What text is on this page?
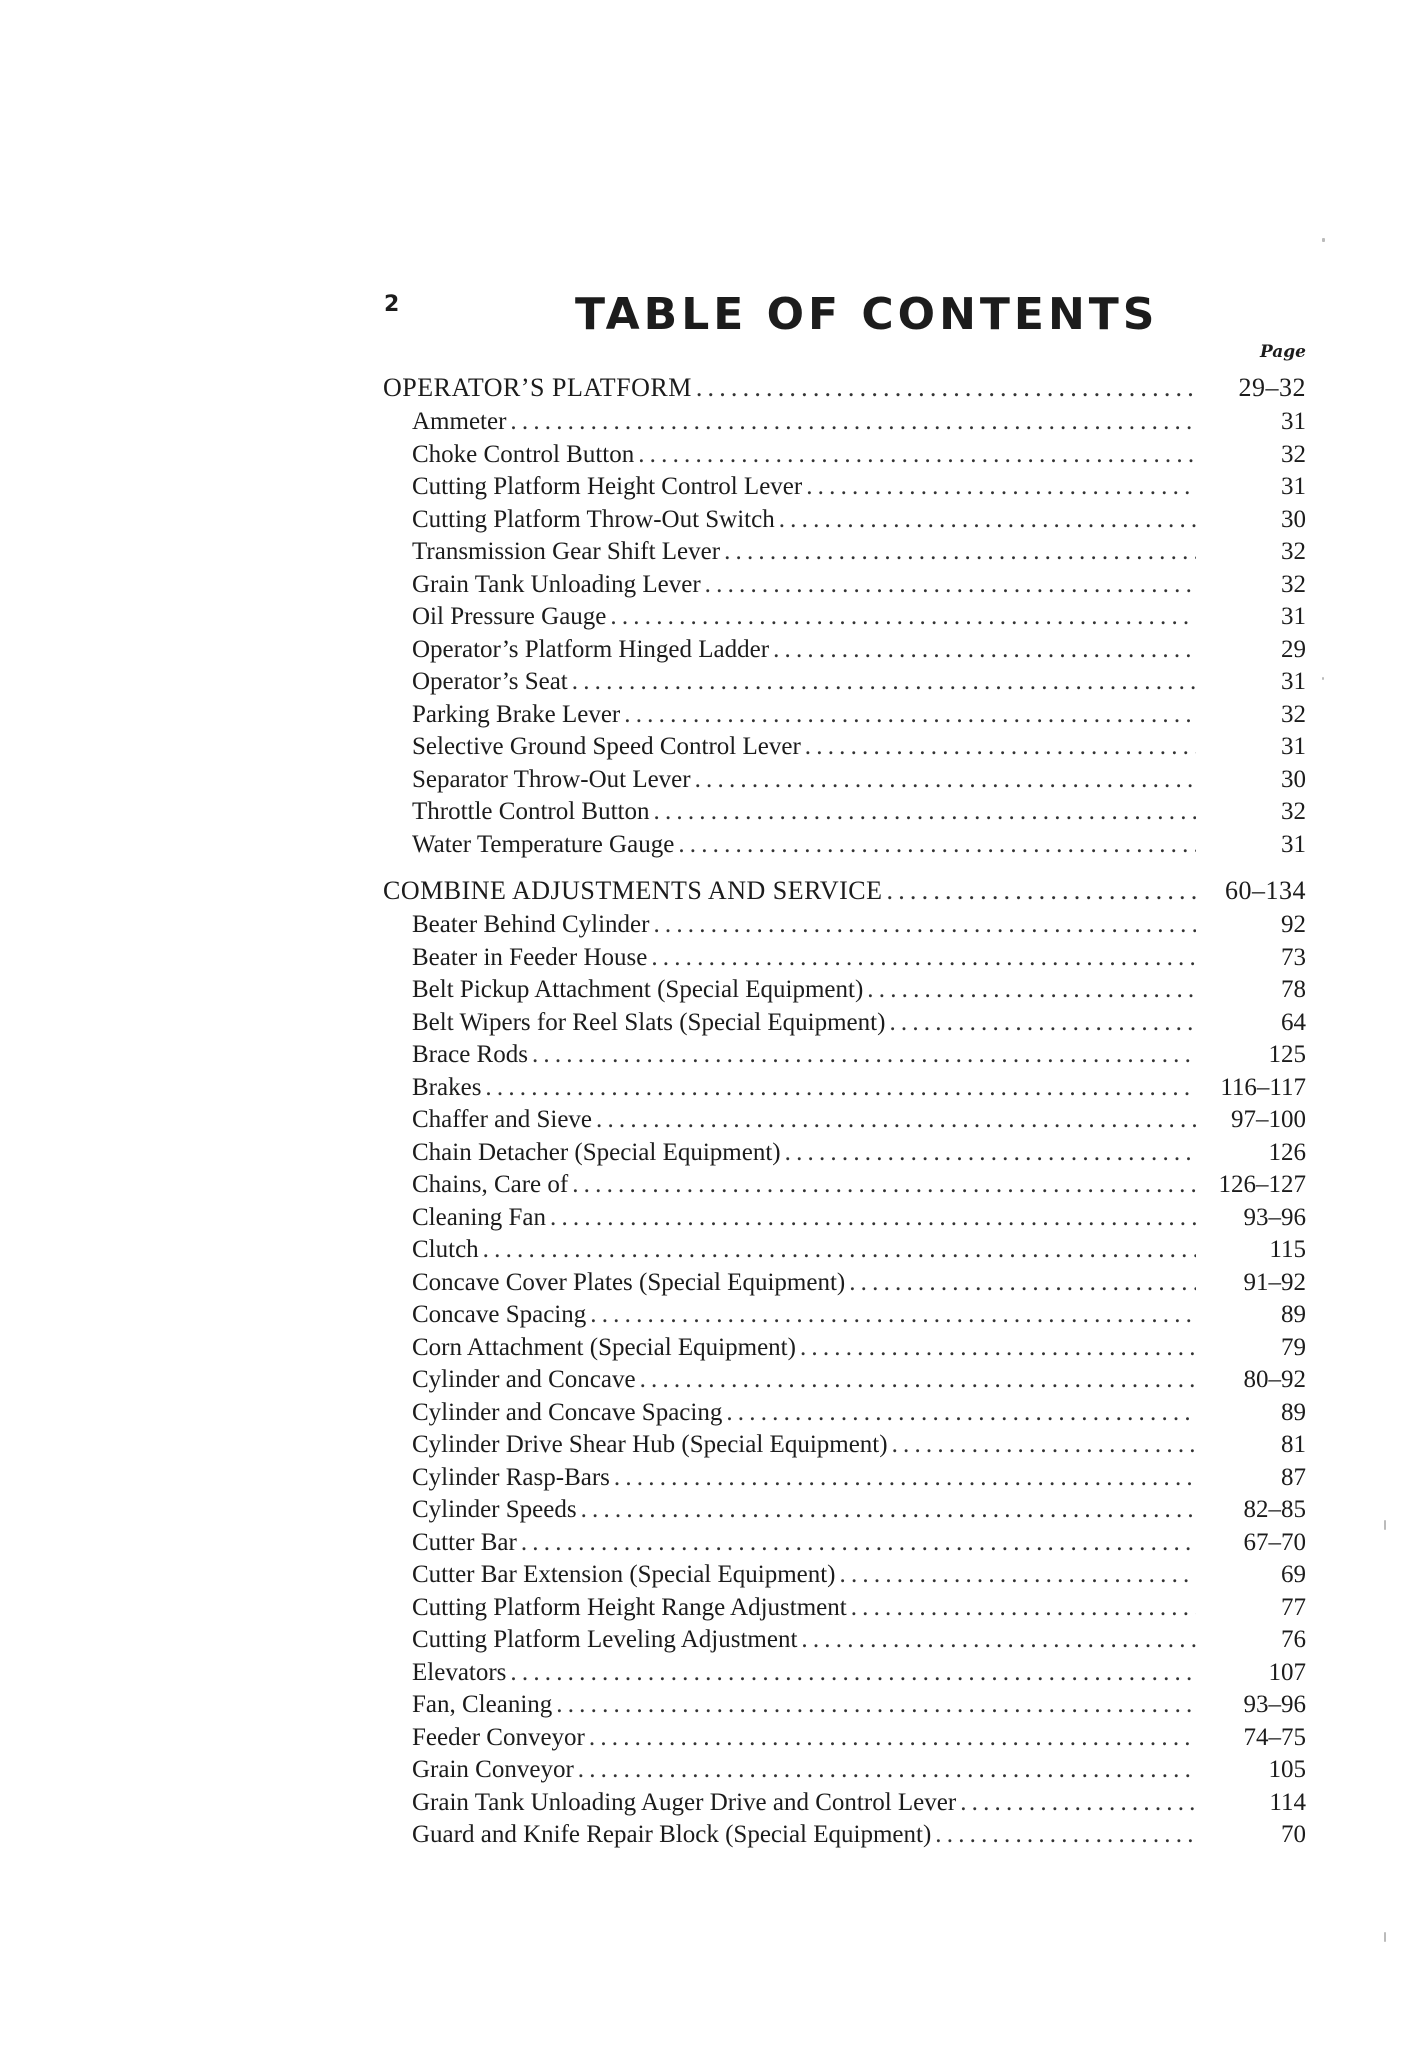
2	TABLE OF CONTENTS
Page
OPERATOR’S PLATFORM .....	29–32
Ammeter .....	31
Choke Control Button .....	32
Cutting Platform Height Control Lever .....	31
Cutting Platform Throw-Out Switch .....	30
Transmission Gear Shift Lever .....	32
Grain Tank Unloading Lever .....	32
Oil Pressure Gauge .....	31
Operator’s Platform Hinged Ladder .....	29
Operator’s Seat .....	31
Parking Brake Lever .....	32
Selective Ground Speed Control Lever .....	31
Separator Throw-Out Lever .....	30
Throttle Control Button .....	32
Water Temperature Gauge .....	31
COMBINE ADJUSTMENTS AND SERVICE .....	60–134
Beater Behind Cylinder .....	92
Beater in Feeder House .....	73
Belt Pickup Attachment (Special Equipment) .....	78
Belt Wipers for Reel Slats (Special Equipment) .....	64
Brace Rods .....	125
Brakes .....	116–117
Chaffer and Sieve .....	97–100
Chain Detacher (Special Equipment) .....	126
Chains, Care of .....	126–127
Cleaning Fan .....	93–96
Clutch .....	115
Concave Cover Plates (Special Equipment) .....	91–92
Concave Spacing .....	89
Corn Attachment (Special Equipment) .....	79
Cylinder and Concave .....	80–92
Cylinder and Concave Spacing .....	89
Cylinder Drive Shear Hub (Special Equipment) .....	81
Cylinder Rasp-Bars .....	87
Cylinder Speeds .....	82–85
Cutter Bar .....	67–70
Cutter Bar Extension (Special Equipment) .....	69
Cutting Platform Height Range Adjustment .....	77
Cutting Platform Leveling Adjustment .....	76
Elevators .....	107
Fan, Cleaning .....	93–96
Feeder Conveyor .....	74–75
Grain Conveyor .....	105
Grain Tank Unloading Auger Drive and Control Lever .....	114
Guard and Knife Repair Block (Special Equipment) .....	70
